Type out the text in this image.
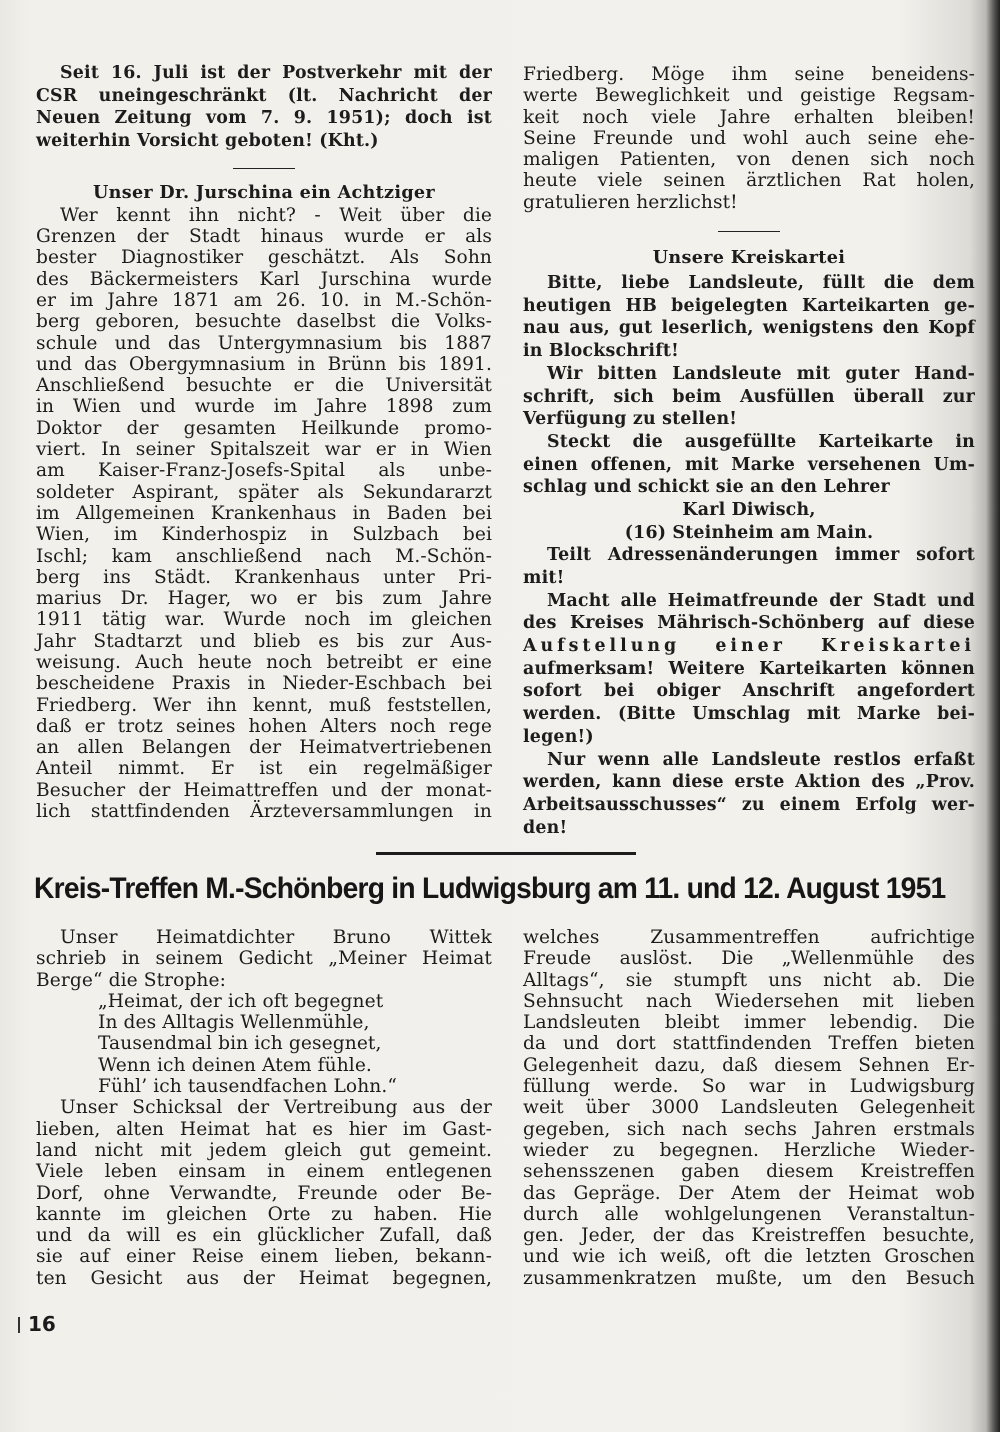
Seit 16. Juli ist der Postverkehr mit der
CSR uneingeschränkt (lt. Nachricht der
Neuen Zeitung vom 7. 9. 1951); doch ist
weiterhin Vorsicht geboten! (Kht.)
Unser Dr. Jurschina ein Achtziger
Wer kennt ihn nicht? - Weit über die
Grenzen der Stadt hinaus wurde er als
bester Diagnostiker geschätzt. Als Sohn
des Bäckermeisters Karl Jurschina wurde
er im Jahre 1871 am 26. 10. in M.-Schön-
berg geboren, besuchte daselbst die Volks-
schule und das Untergymnasium bis 1887
und das Obergymnasium in Brünn bis 1891.
Anschließend besuchte er die Universität
in Wien und wurde im Jahre 1898 zum
Doktor der gesamten Heilkunde promo-
viert. In seiner Spitalszeit war er in Wien
am Kaiser-Franz-Josefs-Spital als unbe-
soldeter Aspirant, später als Sekundararzt
im Allgemeinen Krankenhaus in Baden bei
Wien, im Kinderhospiz in Sulzbach bei
Ischl; kam anschließend nach M.-Schön-
berg ins Städt. Krankenhaus unter Pri-
marius Dr. Hager, wo er bis zum Jahre
1911 tätig war. Wurde noch im gleichen
Jahr Stadtarzt und blieb es bis zur Aus-
weisung. Auch heute noch betreibt er eine
bescheidene Praxis in Nieder-Eschbach bei
Friedberg. Wer ihn kennt, muß feststellen,
daß er trotz seines hohen Alters noch rege
an allen Belangen der Heimatvertriebenen
Anteil nimmt. Er ist ein regelmäßiger
Besucher der Heimattreffen und der monat-
lich stattfindenden Ärzteversammlungen in
Friedberg. Möge ihm seine beneidens-
werte Beweglichkeit und geistige Regsam-
keit noch viele Jahre erhalten bleiben!
Seine Freunde und wohl auch seine ehe-
maligen Patienten, von denen sich noch
heute viele seinen ärztlichen Rat holen,
gratulieren herzlichst!
Unsere Kreiskartei
Bitte, liebe Landsleute, füllt die dem
heutigen HB beigelegten Karteikarten ge-
nau aus, gut leserlich, wenigstens den Kopf
in Blockschrift!
Wir bitten Landsleute mit guter Hand-
schrift, sich beim Ausfüllen überall zur
Verfügung zu stellen!
Steckt die ausgefüllte Karteikarte in
einen offenen, mit Marke versehenen Um-
schlag und schickt sie an den Lehrer
Karl Diwisch,
(16) Steinheim am Main.
Teilt Adressenänderungen immer sofort
mit!
Macht alle Heimatfreunde der Stadt und
des Kreises Mährisch-Schönberg auf diese
Aufstellung einer Kreiskartei
aufmerksam! Weitere Karteikarten können
sofort bei obiger Anschrift angefordert
werden. (Bitte Umschlag mit Marke bei-
legen!)
Nur wenn alle Landsleute restlos erfaßt
werden, kann diese erste Aktion des „Prov.
Arbeitsausschusses“ zu einem Erfolg wer-
den!
Kreis-Treffen M.-Schönberg in Ludwigsburg am 11. und 12. August 1951
Unser Heimatdichter Bruno Wittek
schrieb in seinem Gedicht „Meiner Heimat
Berge“ die Strophe:
„Heimat, der ich oft begegnet
In des Alltagis Wellenmühle,
Tausendmal bin ich gesegnet,
Wenn ich deinen Atem fühle.
Fühl’ ich tausendfachen Lohn.“
Unser Schicksal der Vertreibung aus der
lieben, alten Heimat hat es hier im Gast-
land nicht mit jedem gleich gut gemeint.
Viele leben einsam in einem entlegenen
Dorf, ohne Verwandte, Freunde oder Be-
kannte im gleichen Orte zu haben. Hie
und da will es ein glücklicher Zufall, daß
sie auf einer Reise einem lieben, bekann-
ten Gesicht aus der Heimat begegnen,
welches Zusammentreffen aufrichtige
Freude auslöst. Die „Wellenmühle des
Alltags“, sie stumpft uns nicht ab. Die
Sehnsucht nach Wiedersehen mit lieben
Landsleuten bleibt immer lebendig. Die
da und dort stattfindenden Treffen bieten
Gelegenheit dazu, daß diesem Sehnen Er-
füllung werde. So war in Ludwigsburg
weit über 3000 Landsleuten Gelegenheit
gegeben, sich nach sechs Jahren erstmals
wieder zu begegnen. Herzliche Wieder-
sehensszenen gaben diesem Kreistreffen
das Gepräge. Der Atem der Heimat wob
durch alle wohlgelungenen Veranstaltun-
gen. Jeder, der das Kreistreffen besuchte,
und wie ich weiß, oft die letzten Groschen
zusammenkratzen mußte, um den Besuch
16
